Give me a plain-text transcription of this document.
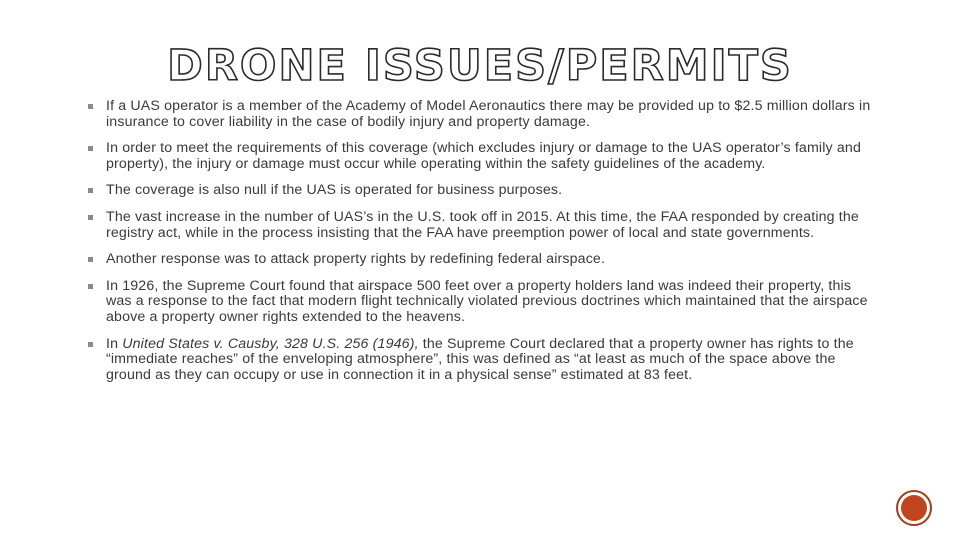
DRONE ISSUES/PERMITS
If a UAS operator is a member of the Academy of Model Aeronautics there may be provided up to $2.5 million dollars in insurance to cover liability in the case of bodily injury and property damage.
In order to meet the requirements of this coverage (which excludes injury or damage to the UAS operator’s family and property), the injury or damage must occur while operating within the safety guidelines of the academy.
The coverage is also null if the UAS is operated for business purposes.
The vast increase in the number of UAS’s in the U.S. took off in 2015. At this time, the FAA responded by creating the registry act, while in the process insisting that the FAA have preemption power of local and state governments.
Another response was to attack property rights by redefining federal airspace.
In 1926, the Supreme Court found that airspace 500 feet over a property holders land was indeed their property, this was a response to the fact that modern flight technically violated previous doctrines which maintained that the airspace above a property owner rights extended to the heavens.
In United States v. Causby, 328 U.S. 256 (1946), the Supreme Court declared that a property owner has rights to the “immediate reaches” of the enveloping atmosphere”, this was defined as “at least as much of the space above the ground as they can occupy or use in connection it in a physical sense” estimated at 83 feet.
